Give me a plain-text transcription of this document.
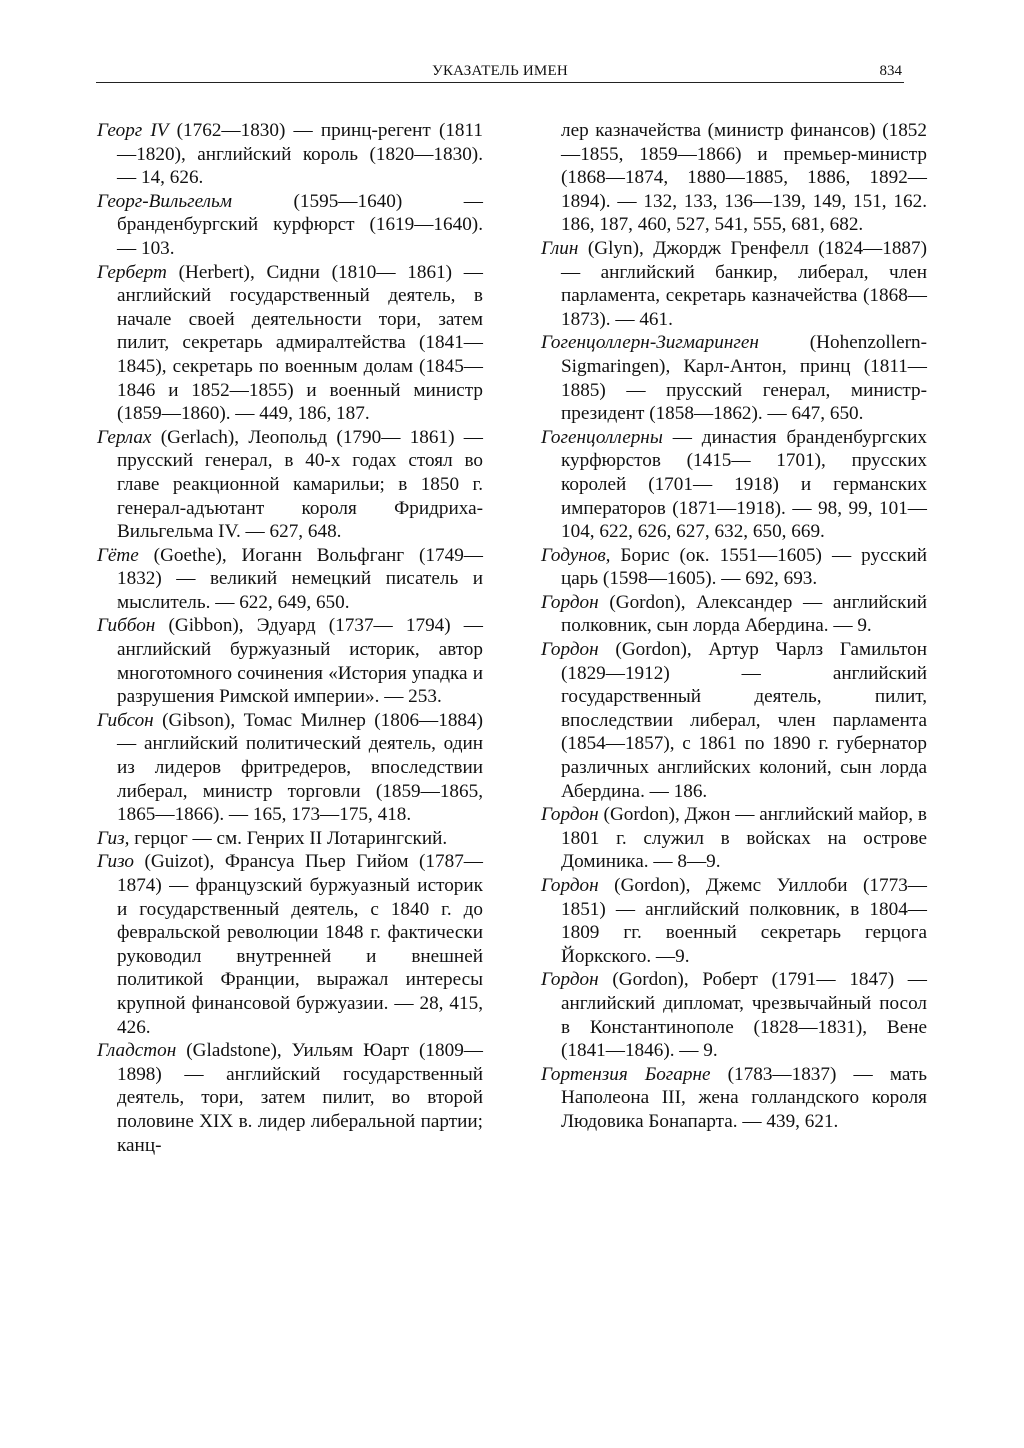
УКАЗАТЕЛЬ ИМЕН	834

Георг IV (1762—1830) — принц-регент (1811—1820), английский король (1820—1830). — 14, 626.

Георг-Вильгельм (1595—1640) — бранденбургский курфюрст (1619—1640). — 103.

Герберт (Herbert), Сидни (1810— 1861) — английский государственный деятель, в начале своей деятельности тори, затем пилит, секретарь адмиралтейства (1841—1845), секретарь по военным долам (1845—1846 и 1852—1855) и военный министр (1859—1860). — 449, 186, 187.

Герлах (Gerlach), Леопольд (1790— 1861) — прусский генерал, в 40-х годах стоял во главе реакционной камарильи; в 1850 г. генерал-адъютант короля Фридриха-Вильгельма IV. — 627, 648.

Гёте (Goethe), Иоганн Вольфганг (1749—1832) — великий немецкий писатель и мыслитель. — 622, 649, 650.

Гиббон (Gibbon), Эдуард (1737— 1794) — английский буржуазный историк, автор многотомного сочинения «История упадка и разрушения Римской империи». — 253.

Гибсон (Gibson), Томас Милнер (1806—1884) — английский политический деятель, один из лидеров фритредеров, впоследствии либерал, министр торговли (1859—1865, 1865—1866). — 165, 173—175, 418.

Гиз, герцог — см. Генрих II Лотарингский.

Гизо (Guizot), Франсуа Пьер Гийом (1787—1874) — французский буржуазный историк и государственный деятель, с 1840 г. до февральской революции 1848 г. фактически руководил внутренней и внешней политикой Франции, выражал интересы крупной финансовой буржуазии. — 28, 415, 426.

Гладстон (Gladstone), Уильям Юарт (1809—1898) — английский государственный деятель, тори, затем пилит, во второй половине XIX в. лидер либеральной партии; канц-

лер казначейства (министр финансов) (1852—1855, 1859—1866) и премьер-министр (1868—1874, 1880—1885, 1886, 1892—1894). — 132, 133, 136—139, 149, 151, 162. 186, 187, 460, 527, 541, 555, 681, 682.

Глин (Glyn), Джордж Гренфелл (1824—1887) — английский банкир, либерал, член парламента, секретарь казначейства (1868— 1873). — 461.

Гогенцоллерн-Зигмаринген (Hohenzollern-Sigmaringen), Карл-Антон, принц (1811—1885) — прусский генерал, министр-президент (1858—1862). — 647, 650.

Гогенцоллерны — династия бранденбургских курфюрстов (1415— 1701), прусских королей (1701— 1918) и германских императоров (1871—1918). — 98, 99, 101—104, 622, 626, 627, 632, 650, 669.

Годунов, Борис (ок. 1551—1605) — русский царь (1598—1605). — 692, 693.

Гордон (Gordon), Александер — английский полковник, сын лорда Абердина. — 9.

Гордон (Gordon), Артур Чарлз Гамильтон (1829—1912) — английский государственный деятель, пилит, впоследствии либерал, член парламента (1854—1857), с 1861 по 1890 г. губернатор различных английских колоний, сын лорда Абердина. — 186.

Гордон (Gordon), Джон — английский майор, в 1801 г. служил в войсках на острове Доминика. — 8—9.

Гордон (Gordon), Джемс Уиллоби (1773—1851) — английский полковник, в 1804—1809 гг. военный секретарь герцога Йоркского. —9.

Гордон (Gordon), Роберт (1791— 1847) — английский дипломат, чрезвычайный посол в Константинополе (1828—1831), Вене (1841—1846). — 9.

Гортензия Богарне (1783—1837) — мать Наполеона III, жена голландского короля Людовика Бонапарта. — 439, 621.
